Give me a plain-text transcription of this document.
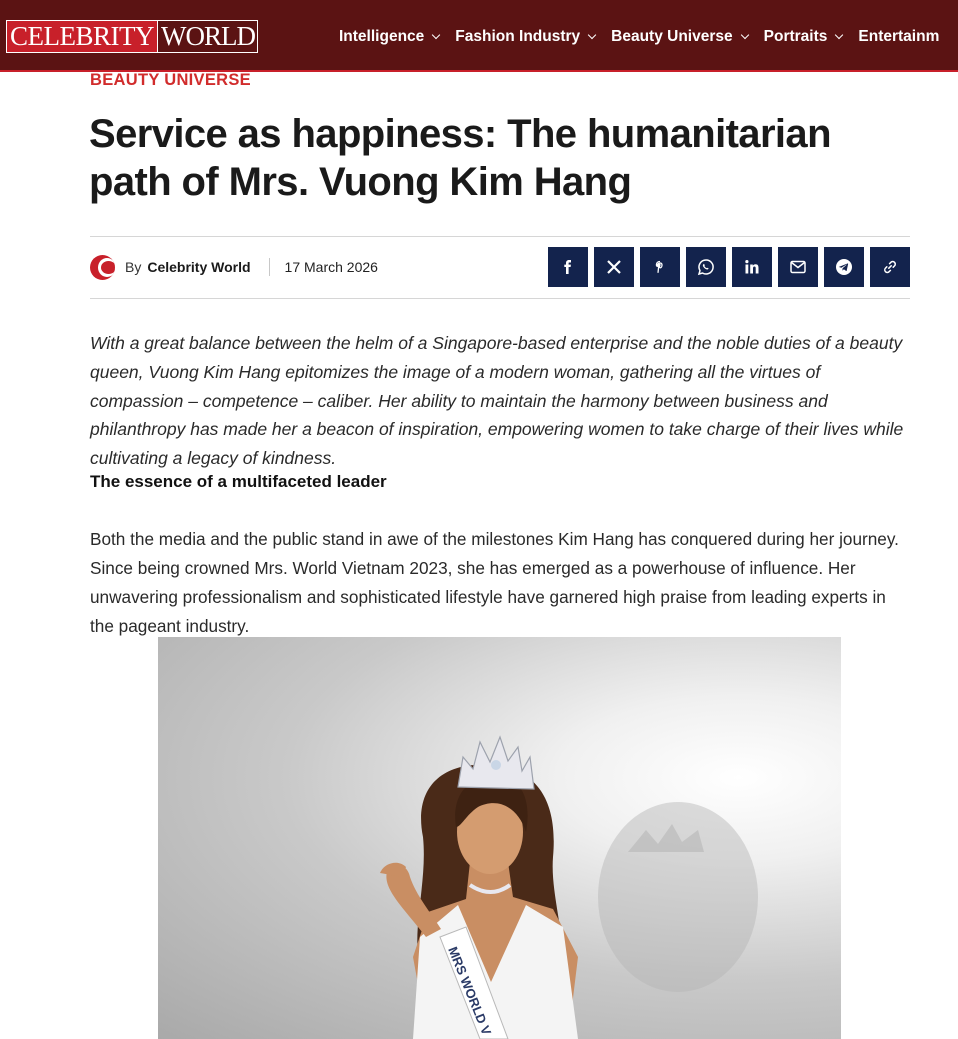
CELEBRITY WORLD	Intelligence Fashion Industry Beauty Universe Portraits Entertainm
BEAUTY UNIVERSE
Service as happiness: The humanitarian path of Mrs. Vuong Kim Hang
By Celebrity World 17 March 2026

With a great balance between the helm of a Singapore-based enterprise and the noble duties of a beauty queen, Vuong Kim Hang epitomizes the image of a modern woman, gathering all the virtues of compassion – competence – caliber. Her ability to maintain the harmony between business and philanthropy has made her a beacon of inspiration, empowering women to take charge of their lives while cultivating a legacy of kindness.

The essence of a multifaceted leader

Both the media and the public stand in awe of the milestones Kim Hang has conquered during her journey. Since being crowned Mrs. World Vietnam 2023, she has emerged as a powerhouse of influence. Her unwavering professionalism and sophisticated lifestyle have garnered high praise from leading experts in the pageant industry.

MRS WORLD V
